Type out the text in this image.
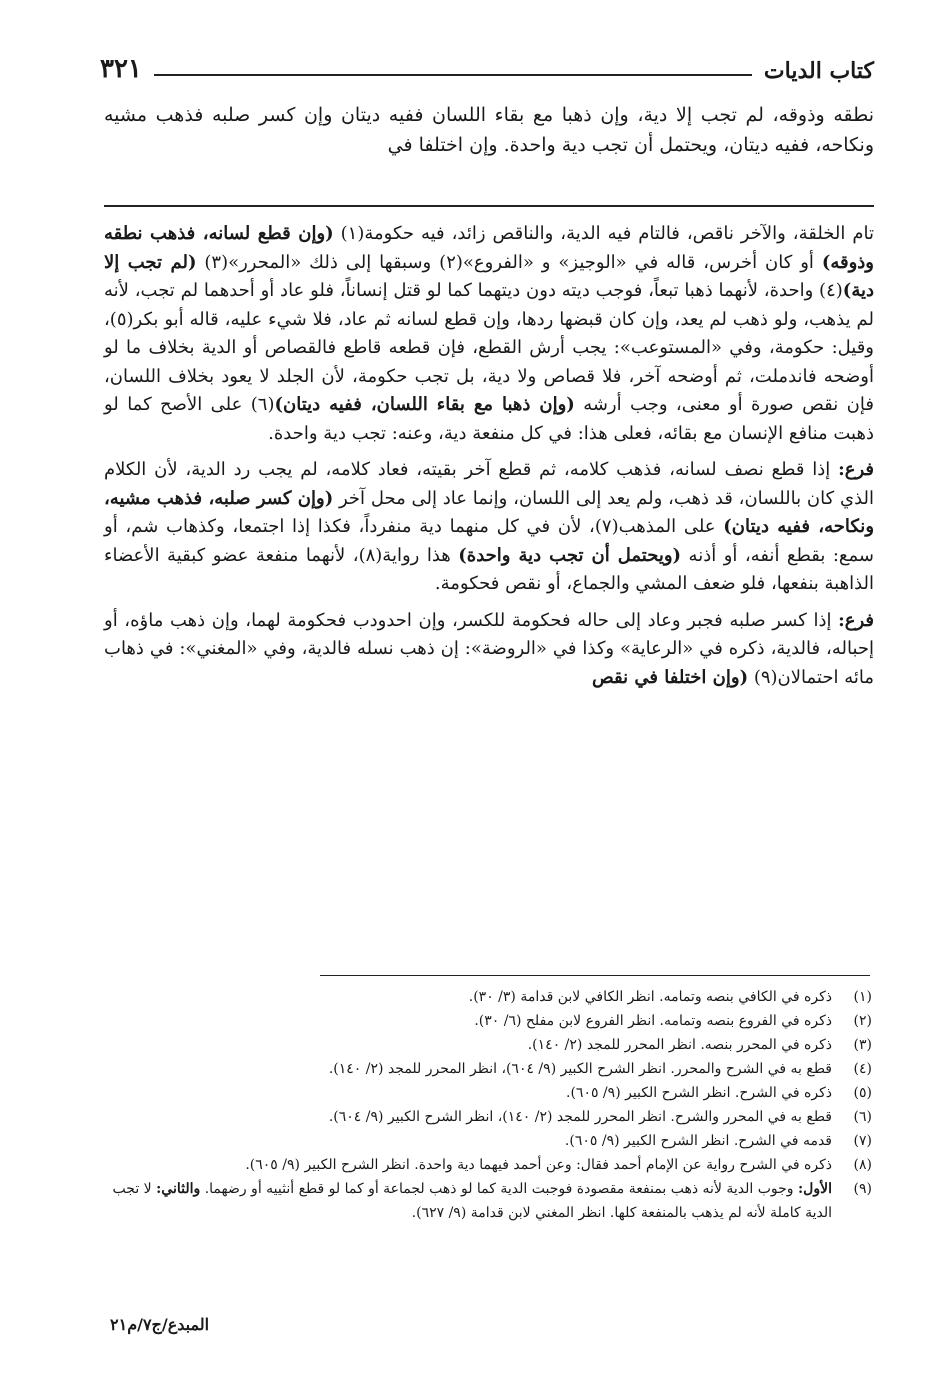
كتاب الديات
٣٢١

نطقه وذوقه، لم تجب إلا دية، وإن ذهبا مع بقاء اللسان ففيه ديتان وإن كسر صلبه فذهب مشيه ونكاحه، ففيه ديتان، ويحتمل أن تجب دية واحدة. وإن اختلفا في

تام الخلقة، والآخر ناقص، فالتام فيه الدية، والناقص زائد، فيه حكومة(١) (وإن قطع لسانه، فذهب نطقه وذوقه) أو كان أخرس، قاله في «الوجيز» و «الفروع»(٢) وسبقها إلى ذلك «المحرر»(٣) (لم تجب إلا دية)(٤) واحدة، لأنهما ذهبا تبعاً، فوجب ديته دون ديتهما كما لو قتل إنساناً، فلو عاد أو أحدهما لم تجب، لأنه لم يذهب، ولو ذهب لم يعد، وإن كان قبضها ردها، وإن قطع لسانه ثم عاد، فلا شيء عليه، قاله أبو بكر(٥)، وقيل: حكومة، وفي «المستوعب»: يجب أرش القطع، فإن قطعه قاطع فالقصاص أو الدية بخلاف ما لو أوضحه فاندملت، ثم أوضحه آخر، فلا قصاص ولا دية، بل تجب حكومة، لأن الجلد لا يعود بخلاف اللسان، فإن نقص صورة أو معنى، وجب أرشه (وإن ذهبا مع بقاء اللسان، ففيه ديتان)(٦) على الأصح كما لو ذهبت منافع الإنسان مع بقائه، فعلى هذا: في كل منفعة دية، وعنه: تجب دية واحدة.

فرع: إذا قطع نصف لسانه، فذهب كلامه، ثم قطع آخر بقيته، فعاد كلامه، لم يجب رد الدية، لأن الكلام الذي كان باللسان، قد ذهب، ولم يعد إلى اللسان، وإنما عاد إلى محل آخر (وإن كسر صلبه، فذهب مشيه، ونكاحه، ففيه ديتان) على المذهب(٧)، لأن في كل منهما دية منفرداً، فكذا إذا اجتمعا، وكذهاب شم، أو سمع: بقطع أنفه، أو أذنه (ويحتمل أن تجب دية واحدة) هذا رواية(٨)، لأنهما منفعة عضو كبقية الأعضاء الذاهبة بنفعها، فلو ضعف المشي والجماع، أو نقص فحكومة.

فرع: إذا كسر صلبه فجبر وعاد إلى حاله فحكومة للكسر، وإن احدودب فحكومة لهما، وإن ذهب ماؤه، أو إحباله، فالدية، ذكره في «الرعاية» وكذا في «الروضة»: إن ذهب نسله فالدية، وفي «المغني»: في ذهاب مائه احتمالان(٩) (وإن اختلفا في نقص

(١)
ذكره في الكافي بنصه وتمامه. انظر الكافي لابن قدامة (٣/ ٣٠).
(٢)
ذكره في الفروع بنصه وتمامه. انظر الفروع لابن مفلح (٦/ ٣٠).
(٣)
ذكره في المحرر بنصه. انظر المحرر للمجد (٢/ ١٤٠).
(٤)
قطع به في الشرح والمحرر. انظر الشرح الكبير (٩/ ٦٠٤)، انظر المحرر للمجد (٢/ ١٤٠).
(٥)
ذكره في الشرح. انظر الشرح الكبير (٩/ ٦٠٥).
(٦)
قطع به في المحرر والشرح. انظر المحرر للمجد (٢/ ١٤٠)، انظر الشرح الكبير (٩/ ٦٠٤).
(٧)
قدمه في الشرح. انظر الشرح الكبير (٩/ ٦٠٥).
(٨)
ذكره في الشرح رواية عن الإمام أحمد فقال: وعن أحمد فيهما دية واحدة. انظر الشرح الكبير (٩/ ٦٠٥).
(٩)
الأول: وجوب الدية لأنه ذهب بمنفعة مقصودة فوجبت الدية كما لو ذهب لجماعة أو كما لو قطع أنثييه أو رضهما. والثاني: لا تجب الدية كاملة لأنه لم يذهب بالمنفعة كلها. انظر المغني لابن قدامة (٩/ ٦٢٧).
المبدع/ج٧/م٢١
